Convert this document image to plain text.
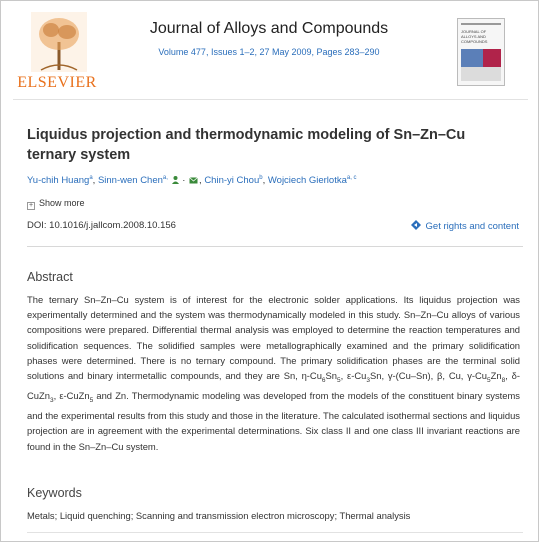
ELSEVIER
Journal of Alloys and Compounds
Volume 477, Issues 1–2, 27 May 2009, Pages 283–290
JOURNAL OF ALLOYS AND COMPOUNDS
Liquidus projection and thermodynamic modeling of Sn–Zn–Cu ternary system
Yu-chih Huang$^a$, Sinn-wen Chen$^{a,}$ · , Chin-yi Chou$^b$, Wojciech Gierlotka$^{a, c}$
+ Show more
DOI: 10.1016/j.jallcom.2008.10.156	Get rights and content
Abstract
The ternary Sn–Zn–Cu system is of interest for the electronic solder applications. Its liquidus projection was experimentally determined and the system was thermodynamically modeled in this study. Sn–Zn–Cu alloys of various compositions were prepared. Differential thermal analysis was employed to determine the reaction temperatures and solidification sequences. The solidified samples were metallographically examined and the primary solidification phases were determined. There is no ternary compound. The primary solidification phases are the terminal solid solutions and binary intermetallic compounds, and they are Sn, $\eta-Cu_6Sn_5$, $\varepsilon-Cu_3Sn$, γ-(Cu–Sn), β, Cu, $\gamma-Cu_5Zn_8$, δ-CuZn$_3$, ε-CuZn$_5$ and Zn. Thermodynamic modeling was developed from the models of the constituent binary systems and the experimental results from this study and those in the literature. The calculated isothermal sections and liquidus projection are in agreement with the experimental determinations. Six class II and one class III invariant reactions are found in the Sn–Zn–Cu system.
Keywords
Metals; Liquid quenching; Scanning and transmission electron microscopy; Thermal analysis
